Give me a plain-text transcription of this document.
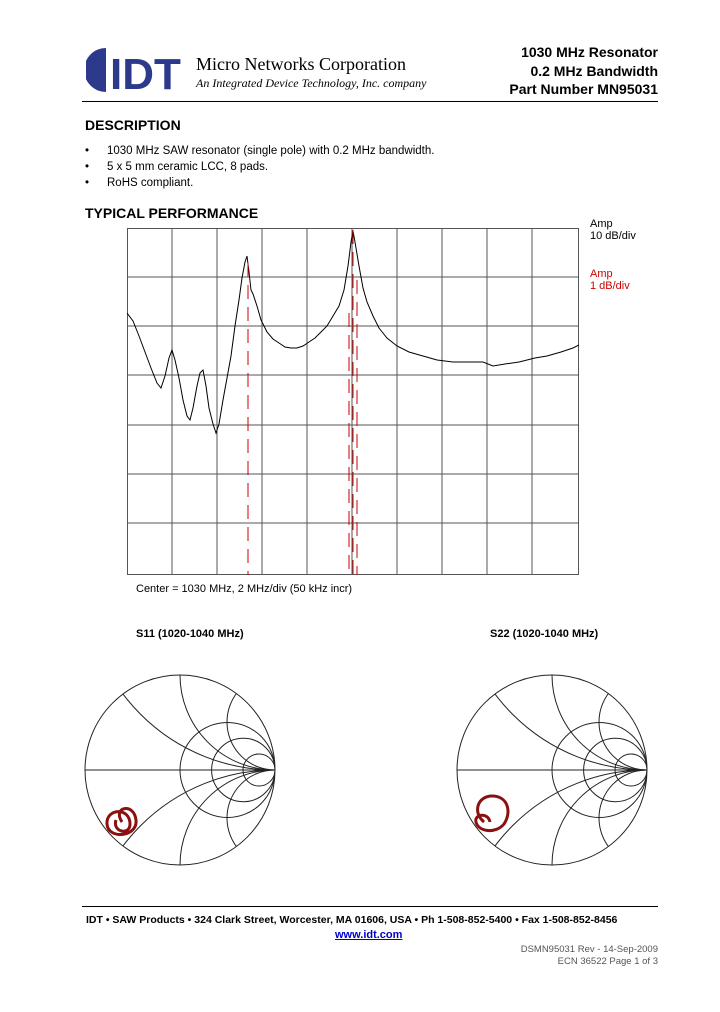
IDT Micro Networks Corporation
An Integrated Device Technology, Inc. company
1030 MHz Resonator
0.2 MHz Bandwidth
Part Number MN95031
DESCRIPTION
• 1030 MHz SAW resonator (single pole) with 0.2 MHz bandwidth.
• 5 x 5 mm ceramic LCC, 8 pads.
• RoHS compliant.
TYPICAL PERFORMANCE
Amp
10 dB/div
Amp
1 dB/div
Center = 1030 MHz, 2 MHz/div (50 kHz incr)
S11 (1020-1040 MHz)	S22 (1020-1040 MHz)
IDT • SAW Products • 324 Clark Street, Worcester, MA 01606, USA • Ph 1-508-852-5400 • Fax 1-508-852-8456
www.idt.com
DSMN95031 Rev - 14-Sep-2009
ECN 36522 Page 1 of 3
